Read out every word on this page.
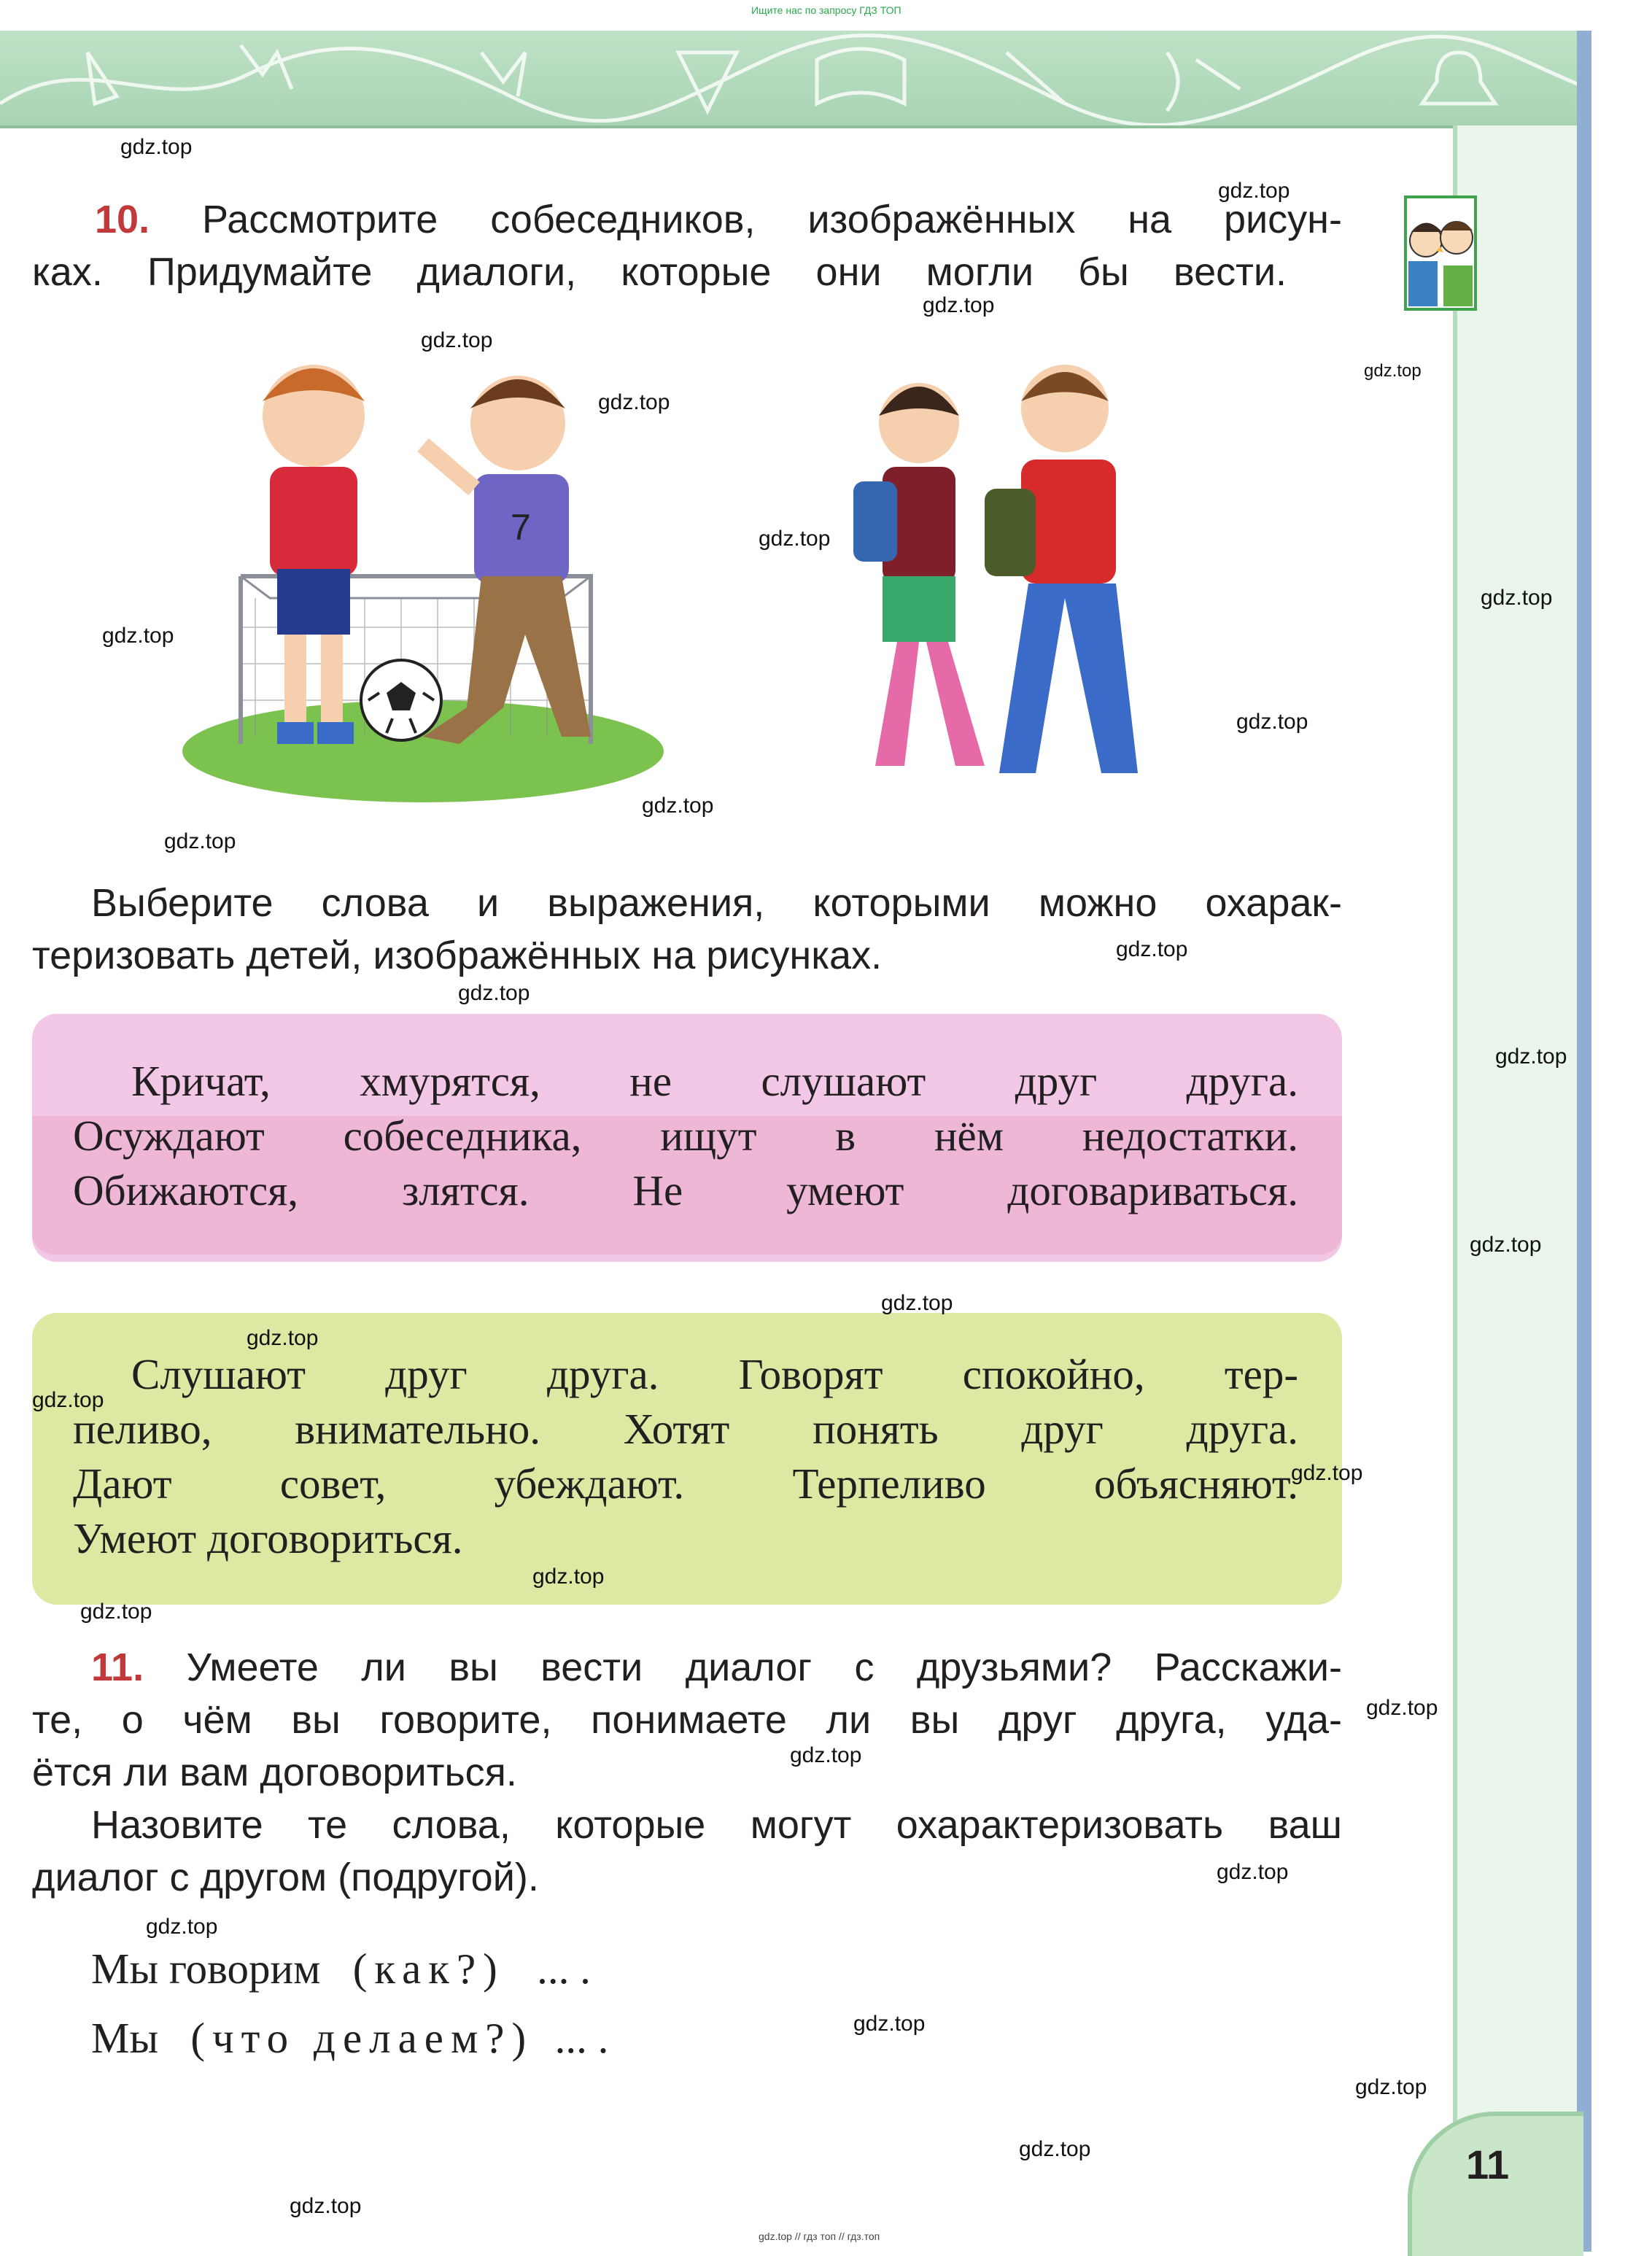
Ищите нас по запросу ГДЗ ТОП
10. Рассмотрите собеседников, изображённых на рисун-
ках. Придумайте диалоги, которые они могли бы вести.
7
Выберите слова и выражения, которыми можно охарак-
теризовать детей, изображённых на рисунках.
Кричат, хмурятся, не слушают друг друга.
Осуждают собеседника, ищут в нём недостатки.
Обижаются, злятся. Не умеют договариваться.
Слушают друг друга. Говорят спокойно, тер-
пеливо, внимательно. Хотят понять друг друга.
Дают совет, убеждают. Терпеливо объясняют.
Умеют договориться.
11. Умеете ли вы вести диалог с друзьями? Расскажи-
те, о чём вы говорите, понимаете ли вы друг друга, уда-
ётся ли вам договориться.
Назовите те слова, которые могут охарактеризовать ваш
диалог с другом (подругой).
Мы говорим (как?) ... .
Мы (что делаем?) ... .
11
gdz.top
gdz.top
gdz.top
gdz.top
gdz.top
gdz.top
gdz.top
gdz.top
gdz.top
gdz.top
gdz.top
gdz.top
gdz.top
gdz.top
gdz.top
gdz.top
gdz.top
gdz.top
gdz.top
gdz.top
gdz.top
gdz.top
gdz.top
gdz.top
gdz.top
gdz.top
gdz.top
gdz.top
gdz.top
gdz.top
gdz.top // гдз топ // гдз.топ
